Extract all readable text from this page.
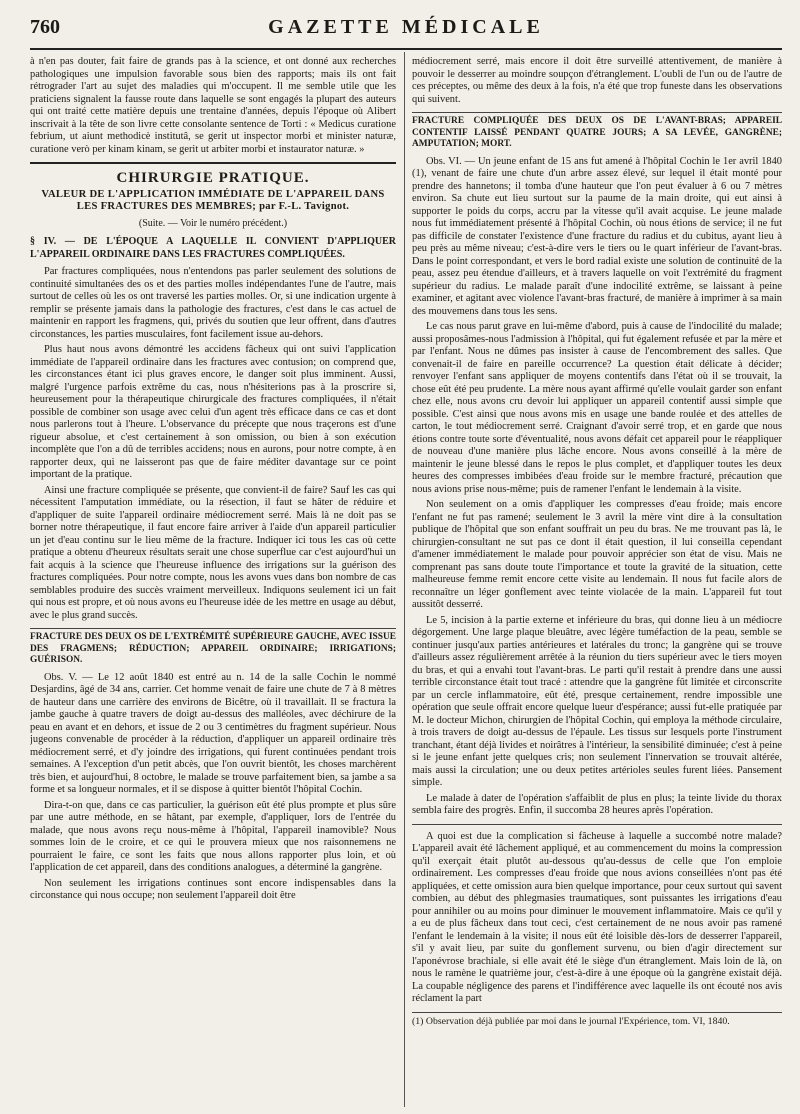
760	GAZETTE MÉDICALE

à n'en pas douter, fait faire de grands pas à la science, et ont donné aux recherches pathologiques une impulsion favorable sous bien des rapports; mais ils ont fait rétrograder l'art au sujet des maladies qui m'occupent. Il me semble utile que les praticiens signalent la fausse route dans laquelle se sont engagés la plupart des auteurs qui ont traité cette matière depuis une trentaine d'années, depuis l'époque où Alibert inscrivait à la tête de son livre cette consolante sentence de Torti : « Medicus curatione febrium, ut aiunt methodicè institutâ, se gerit ut inspector morbi et minister naturæ, curatione verò per kinam kinam, se gerit ut arbiter morbi et instaurator naturæ. »

CHIRURGIE PRATIQUE.
VALEUR DE L'APPLICATION IMMÉDIATE DE L'APPAREIL DANS LES FRACTURES DES MEMBRES; par F.-L. Tavignot.
(Suite. — Voir le numéro précédent.)
§ IV. — DE L'ÉPOQUE A LAQUELLE IL CONVIENT D'APPLIQUER L'APPAREIL ORDINAIRE DANS LES FRACTURES COMPLIQUÉES.

Par fractures compliquées, nous n'entendons pas parler seulement des solutions de continuité simultanées des os et des parties molles indépendantes l'une de l'autre, mais surtout de celles où les os ont traversé les parties molles. Or, si une indication urgente à remplir se présente jamais dans la pathologie des fractures, c'est dans le cas actuel de maintenir en rapport les fragmens, qui, privés du soutien que leur offrent, dans d'autres circonstances, les parties musculaires, font facilement issue au-dehors.

Plus haut nous avons démontré les accidens fâcheux qui ont suivi l'application immédiate de l'appareil ordinaire dans les fractures avec contusion; on comprend que, les circonstances étant ici plus graves encore, le danger soit plus imminent. Aussi, malgré l'urgence parfois extrême du cas, nous n'hésiterions pas à la proscrire si, heureusement pour la thérapeutique chirurgicale des fractures compliquées, il n'était possible de combiner son usage avec celui d'un agent très efficace dans ce cas et dont nous parlerons tout à l'heure. L'observance du précepte que nous traçerons est d'une rigueur absolue, et c'est certainement à son omission, ou bien à son exécution incomplète que l'on a dû de terribles accidens; nous en aurons, pour notre compte, à en rapporter deux, qui ne laisseront pas que de faire méditer davantage sur ce point important de la pratique.

Ainsi une fracture compliquée se présente, que convient-il de faire? Sauf les cas qui nécessitent l'amputation immédiate, ou la résection, il faut se hâter de réduire et d'appliquer de suite l'appareil ordinaire médiocrement serré. Mais là ne doit pas se borner notre thérapeutique, il faut encore faire arriver à l'aide d'un appareil particulier un jet d'eau continu sur le lieu même de la fracture. Indiquer ici tous les cas où cette pratique a obtenu d'heureux résultats serait une chose superflue car c'est aujourd'hui un fait acquis à la science que l'heureuse influence des irrigations sur la guérison des fractures compliquées. Pour notre compte, nous les avons vues dans bon nombre de cas semblables produire des succès vraiment merveilleux. Indiquons seulement ici un fait qui nous est propre, et où nous avons eu l'heureuse idée de les mettre en usage au début, avec le plus grand succès.

FRACTURE DES DEUX OS DE L'EXTRÉMITÉ SUPÉRIEURE GAUCHE, AVEC ISSUE DES FRAGMENS; RÉDUCTION; APPAREIL ORDINAIRE; IRRIGATIONS; GUÉRISON.

Obs. V. — Le 12 août 1840 est entré au n. 14 de la salle Cochin le nommé Desjardins, âgé de 34 ans, carrier. Cet homme venait de faire une chute de 7 à 8 mètres de hauteur dans une carrière des environs de Bicêtre, où il travaillait. Il se fractura la jambe gauche à quatre travers de doigt au-dessus des malléoles, avec déchirure de la peau en avant et en dehors, et issue de 2 ou 3 centimètres du fragment supérieur. Nous jugeons convenable de procéder à la réduction, d'appliquer un appareil ordinaire très médiocrement serré, et d'y joindre des irrigations, qui furent continuées pendant trois semaines. A l'exception d'un petit abcès, que l'on ouvrit bientôt, les choses marchèrent très bien, et aujourd'hui, 8 octobre, le malade se trouve parfaitement bien, sa jambe a sa forme et sa longueur normales, et il se dispose à quitter bientôt l'hôpital Cochin.

Dira-t-on que, dans ce cas particulier, la guérison eût été plus prompte et plus sûre par une autre méthode, en se hâtant, par exemple, d'appliquer, lors de l'entrée du malade, que nous avons reçu nous-même à l'hôpital, l'appareil inamovible? Nous sommes loin de le croire, et ce qui le prouvera mieux que nos raisonnemens ne pourraient le faire, ce sont les faits que nous allons rapporter plus loin, et où l'application de cet appareil, dans des conditions analogues, a déterminé la gangrène.

Non seulement les irrigations continues sont encore indispensables dans la circonstance qui nous occupe; non seulement l'appareil doit être

médiocrement serré, mais encore il doit être surveillé attentivement, de manière à pouvoir le desserrer au moindre soupçon d'étranglement. L'oubli de l'un ou de l'autre de ces préceptes, ou même des deux à la fois, n'a été que trop funeste dans les observations qui suivent.

FRACTURE COMPLIQUÉE DES DEUX OS DE L'AVANT-BRAS; APPAREIL CONTENTIF LAISSÉ PENDANT QUATRE JOURS; A SA LEVÉE, GANGRÈNE; AMPUTATION; MORT.

Obs. VI. — Un jeune enfant de 15 ans fut amené à l'hôpital Cochin le 1er avril 1840 (1), venant de faire une chute d'un arbre assez élevé, sur lequel il était monté pour prendre des hannetons; il tomba d'une hauteur que l'on peut évaluer à 6 ou 7 mètres environ. Sa chute eut lieu surtout sur la paume de la main droite, qui eut ainsi à supporter le poids du corps, accru par la vitesse qu'il avait acquise. Le jeune malade nous fut immédiatement présenté à l'hôpital Cochin, où nous étions de service; il ne fut pas difficile de constater l'existence d'une fracture du radius et du cubitus, ayant lieu à peu près au même niveau; c'est-à-dire vers le tiers ou le quart inférieur de l'avant-bras. Dans le point correspondant, et vers le bord radial existe une solution de continuité de la peau, assez peu étendue d'ailleurs, et à travers laquelle on voit l'extrémité du fragment supérieur du radius. Le malade paraît d'une indocilité extrême, se laissant à peine examiner, et agitant avec violence l'avant-bras fracturé, de manière à imprimer à sa main des mouvemens dans tous les sens.

Le cas nous parut grave en lui-même d'abord, puis à cause de l'indocilité du malade; aussi proposâmes-nous l'admission à l'hôpital, qui fut également refusée et par la mère et par l'enfant. Nous ne dûmes pas insister à cause de l'encombrement des salles. Que convenait-il de faire en pareille occurrence? La question était délicate à décider; renvoyer l'enfant sans appliquer de moyens contentifs dans l'état où il se trouvait, la chose eût été peu prudente. La mère nous ayant affirmé qu'elle voulait garder son enfant chez elle, nous avons cru devoir lui appliquer un appareil contentif aussi simple que possible. C'est ainsi que nous avons mis en usage une bande roulée et des attelles de carton, le tout médiocrement serré. Craignant d'avoir serré trop, et en garde que nous étions contre toute sorte d'éventualité, nous avons défait cet appareil pour le réappliquer de nouveau d'une manière plus lâche encore. Nous avons conseillé à la mère de maintenir le jeune blessé dans le repos le plus complet, et d'appliquer toutes les deux heures des compresses imbibées d'eau froide sur le membre fracturé, précaution que nous avions prise nous-même; puis de ramener l'enfant le lendemain à la visite.

Non seulement on a omis d'appliquer les compresses d'eau froide; mais encore l'enfant ne fut pas ramené; seulement le 3 avril la mère vint dire à la consultation publique de l'hôpital que son enfant souffrait un peu du bras. Ne me trouvant pas là, le chirurgien-consultant ne sut pas ce dont il était question, il lui conseilla cependant d'amener immédiatement le malade pour pouvoir apprécier son état de visu. Mais ne comprenant pas sans doute toute l'importance et toute la gravité de la situation, cette malheureuse femme remit encore cette visite au lendemain. Il nous fut facile alors de reconnaître un léger gonflement avec teinte violacée de la main. L'appareil fut tout aussitôt desserré.

Le 5, incision à la partie externe et inférieure du bras, qui donne lieu à un médiocre dégorgement. Une large plaque bleuâtre, avec légère tuméfaction de la peau, semble se continuer jusqu'aux parties antérieures et latérales du tronc; la gangrène qui se trouve d'ailleurs assez régulièrement arrêtée à la réunion du tiers supérieur avec le tiers moyen du bras, et qui a envahi tout l'avant-bras. Le parti qu'il restait à prendre dans une aussi terrible circonstance était tout tracé : attendre que la gangrène fût limitée et circonscrite par un cercle inflammatoire, eût été, presque certainement, rendre impossible une opération que seule offrait encore quelque lueur d'espérance; aussi fut-elle pratiquée par M. le docteur Michon, chirurgien de l'hôpital Cochin, qui employa la méthode circulaire, à trois travers de doigt au-dessus de l'épaule. Les tissus sur lesquels porte l'instrument tranchant, étant déjà livides et noirâtres à l'intérieur, la sensibilité diminuée; c'est à peine si le jeune enfant jette quelques cris; non seulement l'innervation se trouvait altérée, mais aussi la circulation; une ou deux petites artérioles seules furent liées. Pansement simple.

Le malade à dater de l'opération s'affaiblit de plus en plus; la teinte livide du thorax sembla faire des progrès. Enfin, il succomba 28 heures après l'opération.

A quoi est due la complication si fâcheuse à laquelle a succombé notre malade? L'appareil avait été lâchement appliqué, et au commencement du moins la compression qu'il exerçait était plutôt au-dessous qu'au-dessus de celle que l'on emploie ordinairement. Les compresses d'eau froide que nous avions conseillées n'ont pas été appliquées, et cette omission aura bien quelque importance, pour ceux surtout qui savent combien, au début des phlegmasies traumatiques, sont puissantes les irrigations d'eau pour annihiler ou au moins pour diminuer le mouvement inflammatoire. Mais ce qu'il y a eu de plus fâcheux dans tout ceci, c'est certainement de ne nous avoir pas ramené l'enfant le lendemain à la visite; il nous eût été loisible dès-lors de desserrer l'appareil, s'il y avait lieu, par suite du gonflement survenu, ou bien d'agir directement sur l'aponévrose brachiale, si elle avait été le siège d'un étranglement. Mais loin de là, on nous le ramène le quatrième jour, c'est-à-dire à une époque où la gangrène existait déjà. La coupable négligence des parens et l'indifférence avec laquelle ils ont écouté nos avis réclament la part

(1) Observation déjà publiée par moi dans le journal l'Expérience, tom. VI, 1840.
